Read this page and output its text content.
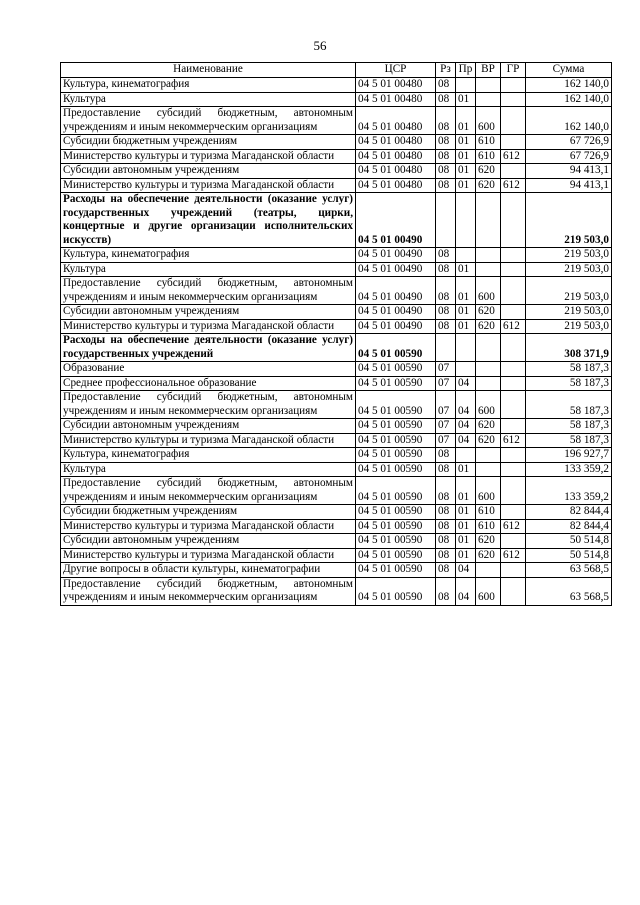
56
Наименование	ЦСР	Рз	Пр	ВР	ГР	Сумма
Культура, кинематография	04 5 01 00480	08				162 140,0
Культура	04 5 01 00480	08	01			162 140,0
Предоставление субсидий бюджетным, автономным учреждениям и иным некоммерческим организациям	04 5 01 00480	08	01	600		162 140,0
Субсидии бюджетным учреждениям	04 5 01 00480	08	01	610		67 726,9
Министерство культуры и туризма Магаданской области	04 5 01 00480	08	01	610	612	67 726,9
Субсидии автономным учреждениям	04 5 01 00480	08	01	620		94 413,1
Министерство культуры и туризма Магаданской области	04 5 01 00480	08	01	620	612	94 413,1
Расходы на обеспечение деятельности (оказание услуг) государственных учреждений (театры, цирки, концертные и другие организации исполнительских искусств)	04 5 01 00490					219 503,0
Культура, кинематография	04 5 01 00490	08				219 503,0
Культура	04 5 01 00490	08	01			219 503,0
Предоставление субсидий бюджетным, автономным учреждениям и иным некоммерческим организациям	04 5 01 00490	08	01	600		219 503,0
Субсидии автономным учреждениям	04 5 01 00490	08	01	620		219 503,0
Министерство культуры и туризма Магаданской области	04 5 01 00490	08	01	620	612	219 503,0
Расходы на обеспечение деятельности (оказание услуг) государственных учреждений	04 5 01 00590					308 371,9
Образование	04 5 01 00590	07				58 187,3
Среднее профессиональное образование	04 5 01 00590	07	04			58 187,3
Предоставление субсидий бюджетным, автономным учреждениям и иным некоммерческим организациям	04 5 01 00590	07	04	600		58 187,3
Субсидии автономным учреждениям	04 5 01 00590	07	04	620		58 187,3
Министерство культуры и туризма Магаданской области	04 5 01 00590	07	04	620	612	58 187,3
Культура, кинематография	04 5 01 00590	08				196 927,7
Культура	04 5 01 00590	08	01			133 359,2
Предоставление субсидий бюджетным, автономным учреждениям и иным некоммерческим организациям	04 5 01 00590	08	01	600		133 359,2
Субсидии бюджетным учреждениям	04 5 01 00590	08	01	610		82 844,4
Министерство культуры и туризма Магаданской области	04 5 01 00590	08	01	610	612	82 844,4
Субсидии автономным учреждениям	04 5 01 00590	08	01	620		50 514,8
Министерство культуры и туризма Магаданской области	04 5 01 00590	08	01	620	612	50 514,8
Другие вопросы в области культуры, кинематографии	04 5 01 00590	08	04			63 568,5
Предоставление субсидий бюджетным, автономным учреждениям и иным некоммерческим организациям	04 5 01 00590	08	04	600		63 568,5
